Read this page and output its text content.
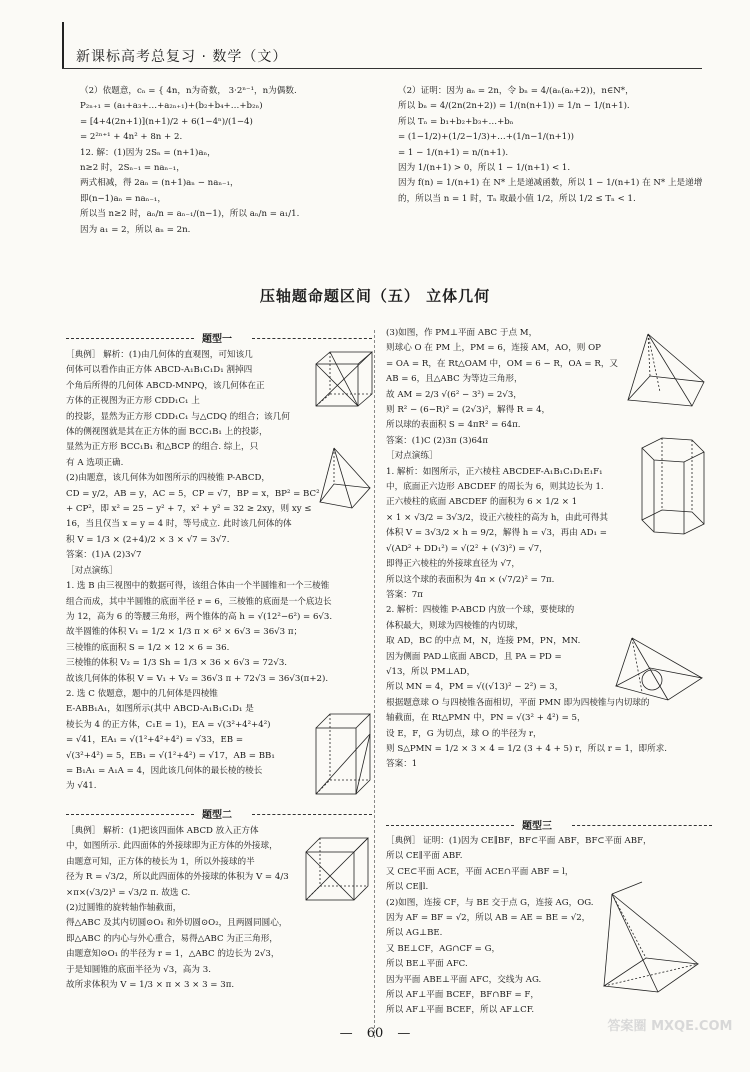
新课标高考总复习 · 数学（文）
（2）依题意，cₙ = { 4n，n为奇数， 3·2ⁿ⁻¹，n为偶数.
P₂ₙ₊₁ = (a₁+a₃+…+a₂ₙ₊₁)+(b₂+b₄+…+b₂ₙ)
= [4+4(2n+1)](n+1)/2 + 6(1−4ⁿ)/(1−4)
= 2²ⁿ⁺¹ + 4n² + 8n + 2.
12. 解：(1)因为 2Sₙ = (n+1)aₙ，
n≥2 时，2Sₙ₋₁ = naₙ₋₁，
两式相减，得 2aₙ = (n+1)aₙ − naₙ₋₁，
即(n−1)aₙ = naₙ₋₁，
所以当 n≥2 时，aₙ/n = aₙ₋₁/(n−1)，所以 aₙ/n = a₁/1.
因为 a₁ = 2，所以 aₙ = 2n.
（2）证明：因为 aₙ = 2n，令 bₙ = 4/(aₙ(aₙ+2))，n∈N*，
所以 bₙ = 4/(2n(2n+2)) = 1/(n(n+1)) = 1/n − 1/(n+1).
所以 Tₙ = b₁+b₂+b₃+…+bₙ
= (1−1/2)+(1/2−1/3)+…+(1/n−1/(n+1))
= 1 − 1/(n+1) = n/(n+1).
因为 1/(n+1) > 0，所以 1 − 1/(n+1) < 1.
因为 f(n) = 1/(n+1) 在 N* 上是递减函数，所以 1 − 1/(n+1) 在 N* 上是递增
的，所以当 n = 1 时，Tₙ 取最小值 1/2，所以 1/2 ≤ Tₙ < 1.
压轴题命题区间（五） 立体几何
题型一
［典例］ 解析：(1)由几何体的直观图，可知该几
何体可以看作由正方体 ABCD-A₁B₁C₁D₁ 割掉四
个角后所得的几何体 ABCD-MNPQ，该几何体在正
方体的正视图为正方形 CDD₁C₁ 上
的投影，显然为正方形 CDD₁C₁ 与△CDQ 的组合；该几何
体的侧视图就是其在正方体的面 BCC₁B₁ 上的投影，
显然为正方形 BCC₁B₁ 和△BCP 的组合. 综上，只
有 A 选项正确.
(2)由题意，该几何体为如图所示的四棱锥 P-ABCD，
CD = y/2，AB = y，AC = 5，CP = √7，BP = x，BP² = BC²
+ CP²，即 x² = 25 − y² + 7，x² + y² = 32 ≥ 2xy，则 xy ≤
16，当且仅当 x = y = 4 时，等号成立. 此时该几何体的体
积 V = 1/3 × (2+4)/2 × 3 × √7 = 3√7.
答案：(1)A (2)3√7
［对点演练］
1. 选 B 由三视图中的数据可得，该组合体由一个半圆锥和一个三棱锥
组合而成，其中半圆锥的底面半径 r = 6，三棱锥的底面是一个底边长
为 12，高为 6 的等腰三角形，两个锥体的高 h = √(12²−6²) = 6√3.
故半圆锥的体积 V₁ = 1/2 × 1/3 π × 6² × 6√3 = 36√3 π；
三棱锥的底面积 S = 1/2 × 12 × 6 = 36.
三棱锥的体积 V₂ = 1/3 Sh = 1/3 × 36 × 6√3 = 72√3.
故该几何体的体积 V = V₁ + V₂ = 36√3 π + 72√3 = 36√3(π+2).
2. 选 C 依题意，题中的几何体是四棱锥
E-ABB₁A₁，如图所示(其中 ABCD-A₁B₁C₁D₁ 是
棱长为 4 的正方体，C₁E = 1)，EA = √(3²+4²+4²)
= √41，EA₁ = √(1²+4²+4²) = √33，EB =
√(3²+4²) = 5，EB₁ = √(1²+4²) = √17，AB = BB₁
= B₁A₁ = A₁A = 4，因此该几何体的最长棱的棱长
为 √41.
题型二
［典例］ 解析：(1)把该四面体 ABCD 放入正方体
中，如图所示. 此四面体的外接球即为正方体的外接球，
由题意可知，正方体的棱长为 1，所以外接球的半
径为 R = √3/2，所以此四面体的外接球的体积为 V = 4/3
×π×(√3/2)³ = √3/2 π. 故选 C.
(2)过圆锥的旋转轴作轴截面，
得△ABC 及其内切圆⊙O₁ 和外切圆⊙O₂，且两圆同圆心，
即△ABC 的内心与外心重合，易得△ABC 为正三角形，
由题意知⊙O₁ 的半径为 r = 1，△ABC 的边长为 2√3，
于是知圆锥的底面半径为 √3，高为 3.
故所求体积为 V = 1/3 × π × 3 × 3 = 3π.
(3)如图，作 PM⊥平面 ABC 于点 M，
则球心 O 在 PM 上，PM = 6，连接 AM，AO，则 OP
= OA = R，在 Rt△OAM 中，OM = 6 − R，OA = R，又
AB = 6，且△ABC 为等边三角形，
故 AM = 2/3 √(6² − 3²) = 2√3，
则 R² − (6−R)² = (2√3)²，解得 R = 4，
所以球的表面积 S = 4πR² = 64π.
答案：(1)C (2)3π (3)64π
［对点演练］
1. 解析：如图所示，正六棱柱 ABCDEF-A₁B₁C₁D₁E₁F₁
中，底面正六边形 ABCDEF 的周长为 6，则其边长为 1.
正六棱柱的底面 ABCDEF 的面积为 6 × 1/2 × 1
× 1 × √3/2 = 3√3/2，设正六棱柱的高为 h，由此可得其
体积 V = 3√3/2 × h = 9/2，解得 h = √3，再由 AD₁ =
√(AD² + DD₁²) = √(2² + (√3)²) = √7，
即得正六棱柱的外接球直径为 √7，
所以这个球的表面积为 4π × (√7/2)² = 7π.
答案：7π
2. 解析：四棱锥 P-ABCD 内放一个球，要使球的
体积最大，则球为四棱锥的内切球，
取 AD，BC 的中点 M，N，连接 PM，PN，MN.
因为侧面 PAD⊥底面 ABCD，且 PA = PD =
√13，所以 PM⊥AD，
所以 MN = 4，PM = √((√13)² − 2²) = 3，
根据题意球 O 与四棱锥各面相切，平面 PMN 即为四棱锥与内切球的
轴截面，在 Rt△PMN 中，PN = √(3² + 4²) = 5，
设 E，F，G 为切点，球 O 的半径为 r，
则 S△PMN = 1/2 × 3 × 4 = 1/2 (3 + 4 + 5) r，所以 r = 1，即所求.
答案：1
题型三
［典例］ 证明：(1)因为 CE∥BF，BF⊂平面 ABF，BF⊂平面 ABF，
所以 CE∥平面 ABF.
又 CE⊂平面 ACE，平面 ACE∩平面 ABF = l，
所以 CE∥l.
(2)如图，连接 CF，与 BE 交于点 G，连接 AG，OG.
因为 AF = BF = √2，所以 AB = AE = BE = √2，
所以 AG⊥BE.
又 BE⊥CF，AG∩CF = G，
所以 BE⊥平面 AFC.
因为平面 ABE⊥平面 AFC，交线为 AG.
所以 AF⊥平面 BCEF，BF∩BF = F，
所以 AF⊥平面 BCEF，所以 AF⊥CF.
— 60 —	答案圈 MXQE.COM
